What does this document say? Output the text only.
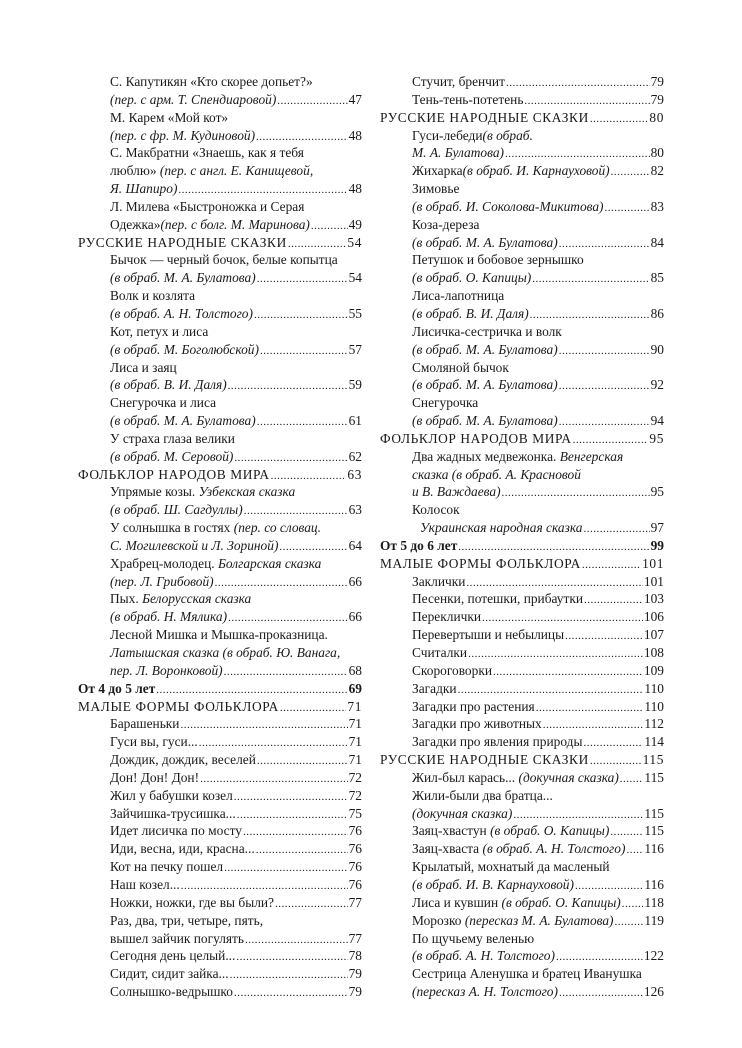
С. Капутикян «Кто скорее допьет?»
(пер. с арм. Т. Спендиаровой) .....	47
М. Карем «Мой кот»
(пер. с фр. М. Кудиновой) .....	48
С. Макбратни «Знаешь, как я тебя
люблю» (пер. с англ. Е. Канищевой,
Я. Шапиро) .....	48
Л. Милева «Быстроножка и Серая
Одежка»(пер. с болг. М. Маринова) .....	49
РУССКИЕ НАРОДНЫЕ СКАЗКИ .....	54
Бычок — черный бочок, белые копытца
(в обраб. М. А. Булатова) .....	54
Волк и козлята
(в обраб. А. Н. Толстого) .....	55
Кот, петух и лиса
(в обраб. М. Боголюбской) .....	57
Лиса и заяц
(в обраб. В. И. Даля) .....	59
Снегурочка и лиса
(в обраб. М. А. Булатова) .....	61
У страха глаза велики
(в обраб. М. Серовой) .....	62
ФОЛЬКЛОР НАРОДОВ МИРА .....	63
Упрямые козы. Узбекская сказка
(в обраб. Ш. Сагдуллы) .....	63
У солнышка в гостях (пер. со словац.
С. Могилевской и Л. Зориной) .....	64
Храбрец-молодец. Болгарская сказка
(пер. Л. Грибовой) .....	66
Пых. Белорусская сказка
(в обраб. Н. Мялика) .....	66
Лесной Мишка и Мышка-проказница.
Латышская сказка (в обраб. Ю. Ванага,
пер. Л. Воронковой) .....	68
От 4 до 5 лет .....	69
МАЛЫЕ ФОРМЫ ФОЛЬКЛОРА .....	71
Барашеньки .....	71
Гуси вы, гуси... .....	71
Дождик, дождик, веселей .....	71
Дон! Дон! Дон! .....	72
Жил у бабушки козел .....	72
Зайчишка-трусишка... .....	75
Идет лисичка по мосту .....	76
Иди, весна, иди, красна... .....	76
Кот на печку пошел .....	76
Наш козел... .....	76
Ножки, ножки, где вы были? .....	77
Раз, два, три, четыре, пять,
вышел зайчик погулять .....	77
Сегодня день целый... .....	78
Сидит, сидит зайка... .....	79
Солнышко-ведрышко .....	79
Стучит, бренчит .....	79
Тень-тень-потетень .....	79
РУССКИЕ НАРОДНЫЕ СКАЗКИ .....	80
Гуси-лебеди(в обраб.
М. А. Булатова) .....	80
Жихарка(в обраб. И. Карнауховой) .....	82
Зимовье
(в обраб. И. Соколова-Микитова) .....	83
Коза-дереза
(в обраб. М. А. Булатова) .....	84
Петушок и бобовое зернышко
(в обраб. О. Капицы) .....	85
Лиса-лапотница
(в обраб. В. И. Даля) .....	86
Лисичка-сестричка и волк
(в обраб. М. А. Булатова) .....	90
Смоляной бычок
(в обраб. М. А. Булатова) .....	92
Снегурочка
(в обраб. М. А. Булатова) .....	94
ФОЛЬКЛОР НАРОДОВ МИРА .....	95
Два жадных медвежонка. Венгерская
сказка (в обраб. А. Красновой
и В. Важдаева) .....	95
Колосок
Украинская народная сказка .....	97
От 5 до 6 лет .....	99
МАЛЫЕ ФОРМЫ ФОЛЬКЛОРА .....	101
Заклички .....	101
Песенки, потешки, прибаутки .....	103
Переклички .....	106
Перевертыши и небылицы .....	107
Считалки .....	108
Скороговорки .....	109
Загадки .....	110
Загадки про растения .....	110
Загадки про животных .....	112
Загадки про явления природы .....	114
РУССКИЕ НАРОДНЫЕ СКАЗКИ .....	115
Жил-был карась... (докучная сказка) ..... 115
Жили-были два братца...
(докучная сказка) .....	115
Заяц-хвастун (в обраб. О. Капицы) .....	115
Заяц-хваста (в обраб. А. Н. Толстого) ..... 116
Крылатый, мохнатый да масленый
(в обраб. И. В. Карнауховой) .....	116
Лиса и кувшин (в обраб. О. Капицы) ..... 118
Морозко (пересказ М. А. Булатова) ..... 119
По щучьему веленью
(в обраб. А. Н. Толстого) .....	122
Сестрица Аленушка и братец Иванушка
(пересказ А. Н. Толстого) .....	126
